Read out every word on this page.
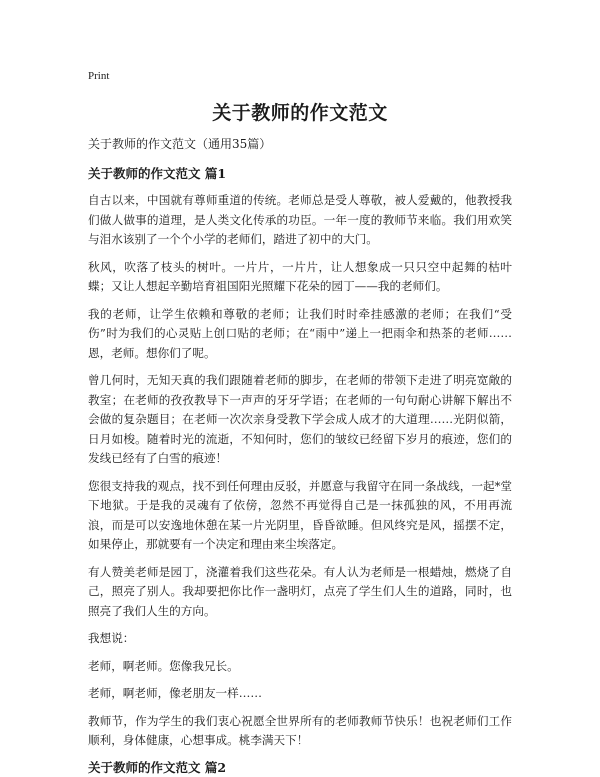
Print
关于教师的作文范文
关于教师的作文范文（通用35篇）
关于教师的作文范文 篇1

自古以来，中国就有尊师重道的传统。老师总是受人尊敬，被人爱戴的，他教授我们做人做事的道理，是人类文化传承的功臣。一年一度的教师节来临。我们用欢笑与泪水该别了一个个小学的老师们，踏进了初中的大门。

秋风，吹落了枝头的树叶。一片片，一片片，让人想象成一只只空中起舞的枯叶蝶；又让人想起辛勤培育祖国阳光照耀下花朵的园丁——我的老师们。

我的老师，让学生依赖和尊敬的老师；让我们时时牵挂感激的老师；在我们“受伤”时为我们的心灵贴上创口贴的老师；在“雨中”递上一把雨伞和热茶的老师……恩，老师。想你们了呢。

曾几何时，无知天真的我们跟随着老师的脚步，在老师的带领下走进了明亮宽敞的教室；在老师的孜孜教导下一声声的牙牙学语；在老师的一句句耐心讲解下解出不会做的复杂题目；在老师一次次亲身受教下学会成人成才的大道理……光阴似箭，日月如梭。随着时光的流逝，不知何时，您们的皱纹已经留下岁月的痕迹，您们的发线已经有了白雪的痕迹！

您很支持我的观点，找不到任何理由反驳，并愿意与我留守在同一条战线，一起*堂下地狱。于是我的灵魂有了依傍，忽然不再觉得自己是一抹孤独的风，不用再流浪，而是可以安逸地休憩在某一片光阴里，昏昏欲睡。但风终究是风，摇摆不定，如果停止，那就要有一个决定和理由来尘埃落定。

有人赞美老师是园丁，浇灌着我们这些花朵。有人认为老师是一根蜡烛，燃烧了自己，照亮了别人。我却要把你比作一盏明灯，点亮了学生们人生的道路，同时，也照亮了我们人生的方向。

我想说：

老师，啊老师。您像我兄长。

老师，啊老师，像老朋友一样……

教师节，作为学生的我们衷心祝愿全世界所有的老师教师节快乐！也祝老师们工作顺利，身体健康，心想事成。桃李满天下！

关于教师的作文范文 篇2
